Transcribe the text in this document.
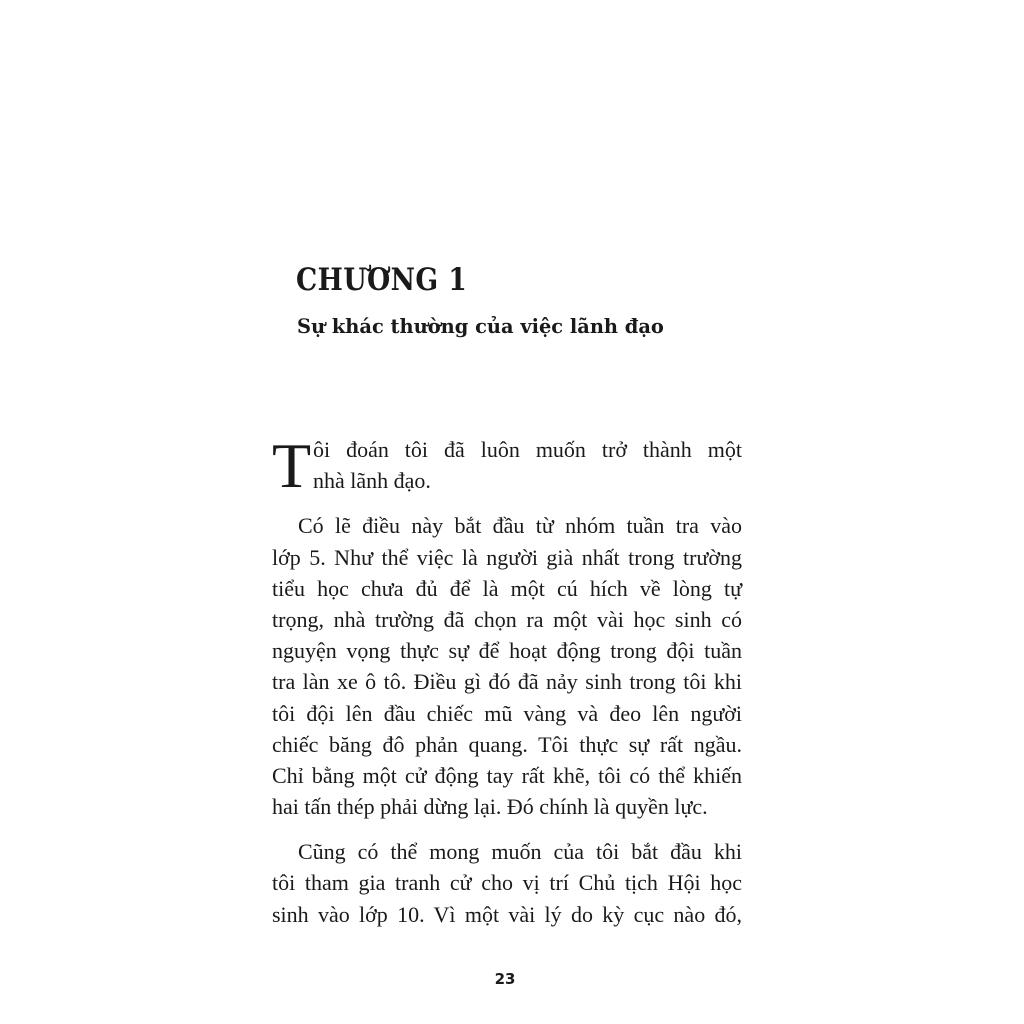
CHƯƠNG 1
Sự khác thường của việc lãnh đạo
T ôi đoán tôi đã luôn muốn trở thành một
nhà lãnh đạo.
Có lẽ điều này bắt đầu từ nhóm tuần tra vào
lớp 5. Như thể việc là người già nhất trong trường
tiểu học chưa đủ để là một cú hích về lòng tự
trọng, nhà trường đã chọn ra một vài học sinh có
nguyện vọng thực sự để hoạt động trong đội tuần
tra làn xe ô tô. Điều gì đó đã nảy sinh trong tôi khi
tôi đội lên đầu chiếc mũ vàng và đeo lên người
chiếc băng đô phản quang. Tôi thực sự rất ngầu.
Chỉ bằng một cử động tay rất khẽ, tôi có thể khiến
hai tấn thép phải dừng lại. Đó chính là quyền lực.
Cũng có thể mong muốn của tôi bắt đầu khi
tôi tham gia tranh cử cho vị trí Chủ tịch Hội học
sinh vào lớp 10. Vì một vài lý do kỳ cục nào đó,
23
